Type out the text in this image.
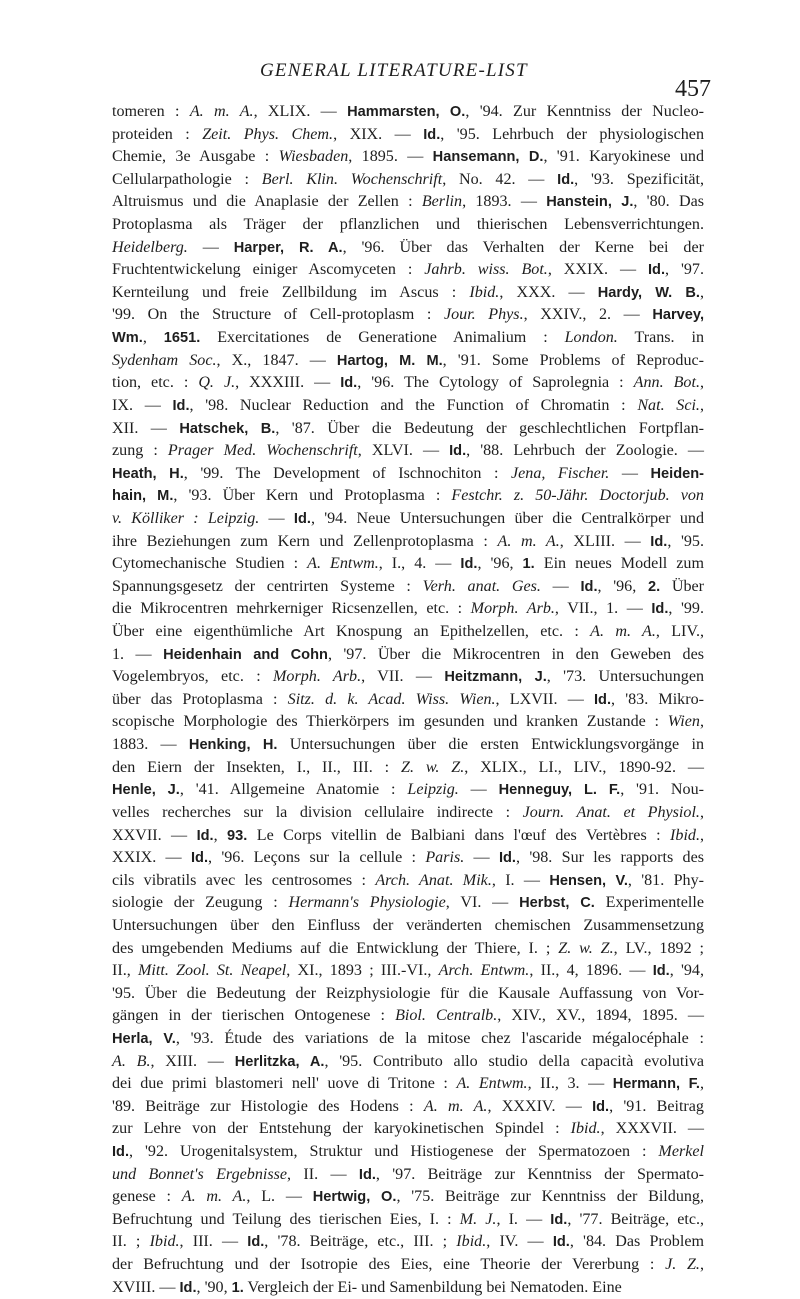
GENERAL LITERATURE-LIST
457
tomeren : A. m. A., XLIX. — Hammarsten, O., '94. Zur Kenntniss der Nucleo-
proteiden : Zeit. Phys. Chem., XIX. — Id., '95. Lehrbuch der physiologischen
Chemie, 3e Ausgabe : Wiesbaden, 1895. — Hansemann, D., '91. Karyokinese und
Cellularpathologie : Berl. Klin. Wochenschrift, No. 42. — Id., '93. Spezificität,
Altruismus und die Anaplasie der Zellen : Berlin, 1893. — Hanstein, J., '80. Das
Protoplasma als Träger der pflanzlichen und thierischen Lebensverrichtungen.
Heidelberg. — Harper, R. A., '96. Über das Verhalten der Kerne bei der
Fruchtentwickelung einiger Ascomyceten : Jahrb. wiss. Bot., XXIX. — Id., '97.
Kernteilung und freie Zellbildung im Ascus : Ibid., XXX. — Hardy, W. B.,
'99. On the Structure of Cell-protoplasm : Jour. Phys., XXIV., 2. — Harvey,
Wm., 1651. Exercitationes de Generatione Animalium : London. Trans. in
Sydenham Soc., X., 1847. — Hartog, M. M., '91. Some Problems of Reproduc-
tion, etc. : Q. J., XXXIII. — Id., '96. The Cytology of Saprolegnia : Ann. Bot.,
IX. — Id., '98. Nuclear Reduction and the Function of Chromatin : Nat. Sci.,
XII. — Hatschek, B., '87. Über die Bedeutung der geschlechtlichen Fortpflan-
zung : Prager Med. Wochenschrift, XLVI. — Id., '88. Lehrbuch der Zoologie. —
Heath, H., '99. The Development of Ischnochiton : Jena, Fischer. — Heiden-
hain, M., '93. Über Kern und Protoplasma : Festchr. z. 50-Jähr. Doctorjub. von
v. Kölliker : Leipzig. — Id., '94. Neue Untersuchungen über die Centralkörper und
ihre Beziehungen zum Kern und Zellenprotoplasma : A. m. A., XLIII. — Id., '95.
Cytomechanische Studien : A. Entwm., I., 4. — Id., '96, 1. Ein neues Modell zum
Spannungsgesetz der centrirten Systeme : Verh. anat. Ges. — Id., '96, 2. Über
die Mikrocentren mehrkerniger Ricsenzellen, etc. : Morph. Arb., VII., 1. — Id., '99.
Über eine eigenthümliche Art Knospung an Epithelzellen, etc. : A. m. A., LIV.,
1. — Heidenhain and Cohn, '97. Über die Mikrocentren in den Geweben des
Vogelembryos, etc. : Morph. Arb., VII. — Heitzmann, J., '73. Untersuchungen
über das Protoplasma : Sitz. d. k. Acad. Wiss. Wien., LXVII. — Id., '83. Mikro-
scopische Morphologie des Thierkörpers im gesunden und kranken Zustande : Wien,
1883. — Henking, H. Untersuchungen über die ersten Entwicklungsvorgänge in
den Eiern der Insekten, I., II., III. : Z. w. Z., XLIX., LI., LIV., 1890-92. —
Henle, J., '41. Allgemeine Anatomie : Leipzig. — Henneguy, L. F., '91. Nou-
velles recherches sur la division cellulaire indirecte : Journ. Anat. et Physiol.,
XXVII. — Id., 93. Le Corps vitellin de Balbiani dans l'œuf des Vertèbres : Ibid.,
XXIX. — Id., '96. Leçons sur la cellule : Paris. — Id., '98. Sur les rapports des
cils vibratils avec les centrosomes : Arch. Anat. Mik., I. — Hensen, V., '81. Phy-
siologie der Zeugung : Hermann's Physiologie, VI. — Herbst, C. Experimentelle
Untersuchungen über den Einfluss der veränderten chemischen Zusammensetzung
des umgebenden Mediums auf die Entwicklung der Thiere, I. ; Z. w. Z., LV., 1892 ;
II., Mitt. Zool. St. Neapel, XI., 1893 ; III.-VI., Arch. Entwm., II., 4, 1896. — Id., '94,
'95. Über die Bedeutung der Reizphysiologie für die Kausale Auffassung von Vor-
gängen in der tierischen Ontogenese : Biol. Centralb., XIV., XV., 1894, 1895. —
Herla, V., '93. Étude des variations de la mitose chez l'ascaride mégalocéphale :
A. B., XIII. — Herlitzka, A., '95. Contributo allo studio della capacità evolutiva
dei due primi blastomeri nell' uove di Tritone : A. Entwm., II., 3. — Hermann, F.,
'89. Beiträge zur Histologie des Hodens : A. m. A., XXXIV. — Id., '91. Beitrag
zur Lehre von der Entstehung der karyokinetischen Spindel : Ibid., XXXVII. —
Id., '92. Urogenitalsystem, Struktur und Histiogenese der Spermatozoen : Merkel
und Bonnet's Ergebnisse, II. — Id., '97. Beiträge zur Kenntniss der Spermato-
genese : A. m. A., L. — Hertwig, O., '75. Beiträge zur Kenntniss der Bildung,
Befruchtung und Teilung des tierischen Eies, I. : M. J., I. — Id., '77. Beiträge, etc.,
II. ; Ibid., III. — Id., '78. Beiträge, etc., III. ; Ibid., IV. — Id., '84. Das Problem
der Befruchtung und der Isotropie des Eies, eine Theorie der Vererbung : J. Z.,
XVIII. — Id., '90, 1. Vergleich der Ei- und Samenbildung bei Nematoden. Eine
